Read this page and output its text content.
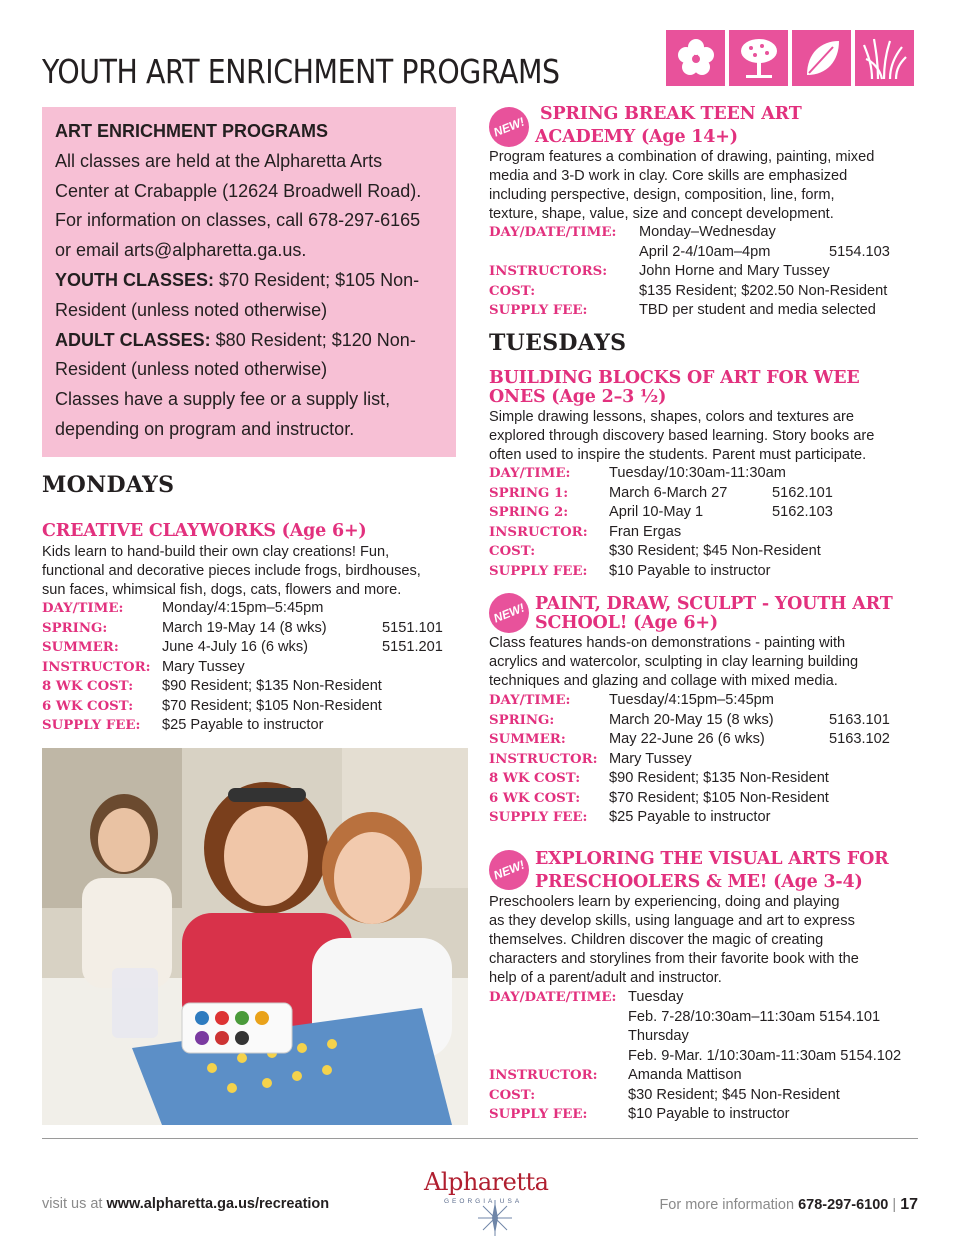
YOUTH ART ENRICHMENT PROGRAMS

ART ENRICHMENT PROGRAMS

All classes are held at the Alpharetta Arts

Center at Crabapple (12624 Broadwell Road).

For information on classes, call 678-297-6165

or email arts@alpharetta.ga.us.

YOUTH CLASSES: $70 Resident; $105 Non-

Resident (unless noted otherwise)

ADULT CLASSES: $80 Resident; $120 Non-

Resident (unless noted otherwise)

Classes have a supply fee or a supply list,

depending on program and instructor.

MONDAYS
CREATIVE CLAYWORKS (Age 6+)
Kids learn to hand-build their own clay creations! Fun,
functional and decorative pieces include frogs, birdhouses,
sun faces, whimsical fish, dogs, cats, flowers and more.
DAY/TIME:	Monday/4:15pm–5:45pm
SPRING:	March 19-May 14 (8 wks)	5151.101
SUMMER:	June 4-July 16 (6 wks)	5151.201
INSTRUCTOR: Mary Tussey
8 WK COST: $90 Resident; $135 Non-Resident
6 WK COST: $70 Resident; $105 Non-Resident
SUPPLY FEE: $25 Payable to instructor
NEW!
SPRING BREAK TEEN ART
ACADEMY (Age 14+)
Program features a combination of drawing, painting, mixed
media and 3-D work in clay. Core skills are emphasized
including perspective, design, composition, line, form,
texture, shape, value, size and concept development.
DAY/DATE/TIME: Monday–Wednesday
April 2-4/10am–4pm	5154.103
INSTRUCTORS: John Horne and Mary Tussey
COST:	$135 Resident; $202.50 Non-Resident
SUPPLY FEE:	TBD per student and media selected
TUESDAYS
BUILDING BLOCKS OF ART FOR WEE
ONES (Age 2–3 ½)
Simple drawing lessons, shapes, colors and textures are
explored through discovery based learning. Story books are
often used to inspire the students. Parent must participate.
DAY/TIME:	Tuesday/10:30am-11:30am
SPRING 1:	March 6-March 27	5162.101
SPRING 2:	April 10-May 1	5162.103
INSRUCTOR: Fran Ergas
COST:	$30 Resident; $45 Non-Resident
SUPPLY FEE: $10 Payable to instructor
NEW! PAINT, DRAW, SCULPT - YOUTH ART
SCHOOL! (Age 6+)
Class features hands-on demonstrations - painting with
acrylics and watercolor, sculpting in clay learning building
techniques and glazing and collage with mixed media.
DAY/TIME:	Tuesday/4:15pm–5:45pm
SPRING:	March 20-May 15 (8 wks)	5163.101
SUMMER:	May 22-June 26 (6 wks)	5163.102
INSTRUCTOR: Mary Tussey
8 WK COST: $90 Resident; $135 Non-Resident
6 WK COST: $70 Resident; $105 Non-Resident
SUPPLY FEE: $25 Payable to instructor
NEW! EXPLORING THE VISUAL ARTS FOR
PRESCHOOLERS & ME! (Age 3-4)
Preschoolers learn by experiencing, doing and playing
as they develop skills, using language and art to express
themselves. Children discover the magic of creating
characters and storylines from their favorite book with the
help of a parent/adult and instructor.
DAY/DATE/TIME: Tuesday
Feb. 7-28/10:30am–11:30am 5154.101
Thursday
Feb. 9-Mar. 1/10:30am-11:30am 5154.102
INSTRUCTOR: Amanda Mattison
COST:	$30 Resident; $45 Non-Resident
SUPPLY FEE:	$10 Payable to instructor
visit us at www.alpharetta.ga.us/recreation
Alpharetta
GEORGIA USA	For more information 678-297-6100 | 17
